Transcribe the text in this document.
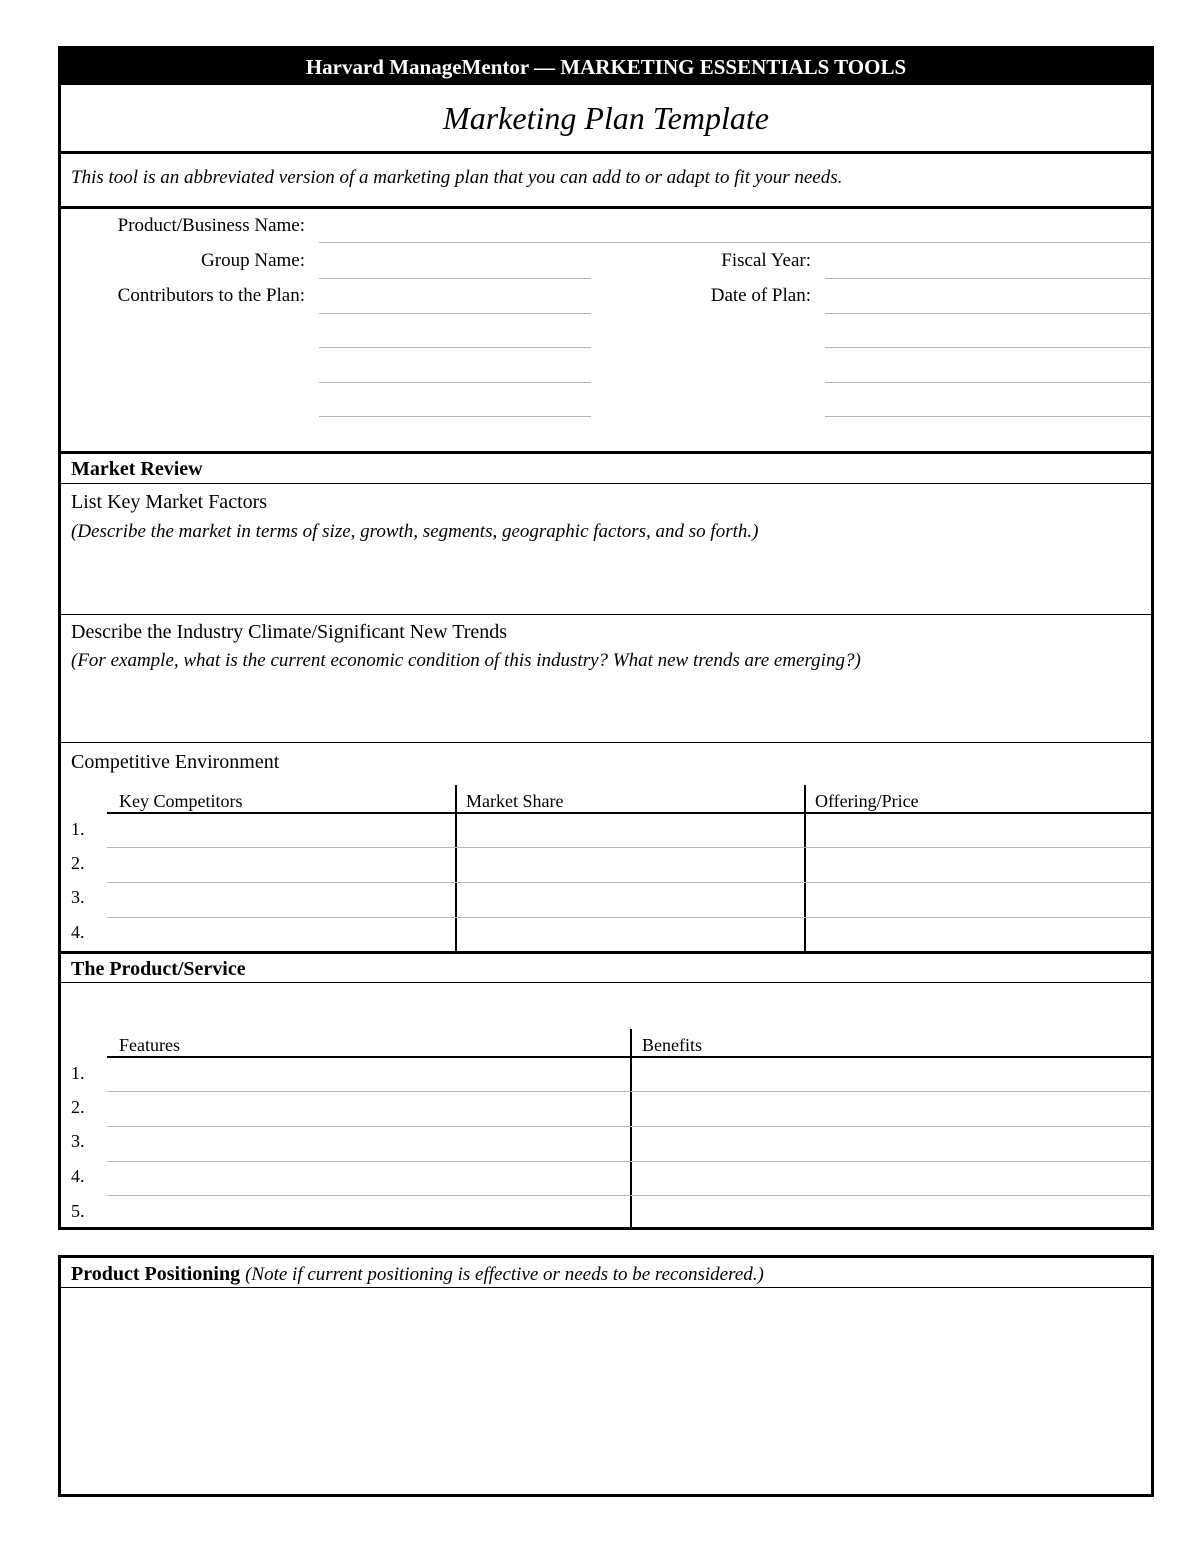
Harvard ManageMentor — MARKETING ESSENTIALS TOOLS
Marketing Plan Template
This tool is an abbreviated version of a marketing plan that you can add to or adapt to fit your needs.
Product/Business Name:
Group Name:	Fiscal Year:
Contributors to the Plan:	Date of Plan:
Market Review
List Key Market Factors
(Describe the market in terms of size, growth, segments, geographic factors, and so forth.)
Describe the Industry Climate/Significant New Trends
(For example, what is the current economic condition of this industry? What new trends are emerging?)
Competitive Environment
Key Competitors	Market Share	Offering/Price
1.
2.
3.
4.
The Product/Service
Features	Benefits
1.
2.
3.
4.
5.
Product Positioning (Note if current positioning is effective or needs to be reconsidered.)
